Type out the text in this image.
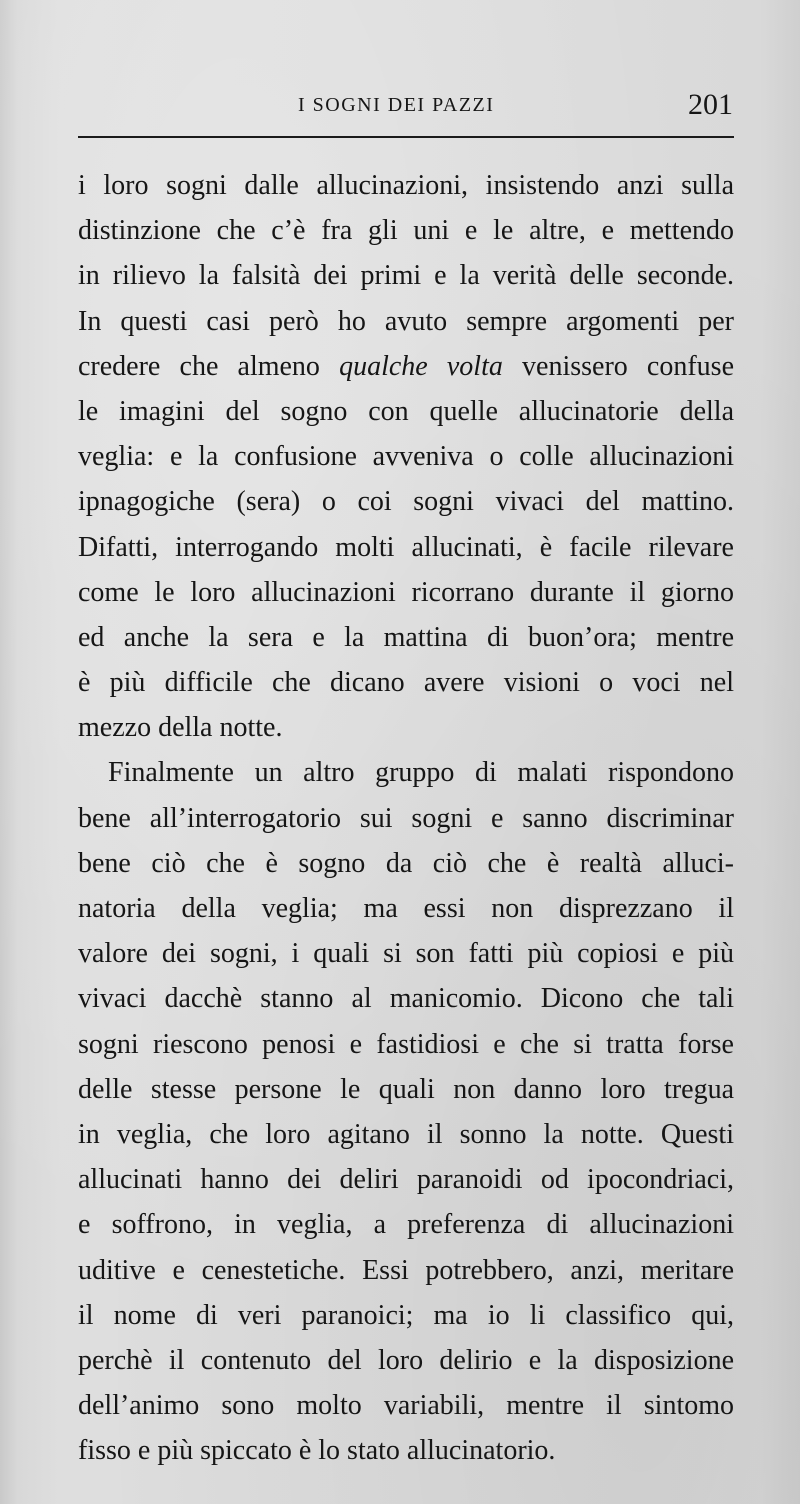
I SOGNI DEI PAZZI	201
i loro sogni dalle allucinazioni, insistendo anzi sulla
distinzione che c’è fra gli uni e le altre, e mettendo
in rilievo la falsità dei primi e la verità delle seconde.
In questi casi però ho avuto sempre argomenti per
credere che almeno qualche volta venissero confuse
le imagini del sogno con quelle allucinatorie della
veglia: e la confusione avveniva o colle allucinazioni
ipnagogiche (sera) o coi sogni vivaci del mattino.
Difatti, interrogando molti allucinati, è facile rilevare
come le loro allucinazioni ricorrano durante il giorno
ed anche la sera e la mattina di buon’ora; mentre
è più difficile che dicano avere visioni o voci nel
mezzo della notte.
Finalmente un altro gruppo di malati rispondono
bene all’interrogatorio sui sogni e sanno discriminar
bene ciò che è sogno da ciò che è realtà alluci-
natoria della veglia; ma essi non disprezzano il
valore dei sogni, i quali si son fatti più copiosi e più
vivaci dacchè stanno al manicomio. Dicono che tali
sogni riescono penosi e fastidiosi e che si tratta forse
delle stesse persone le quali non danno loro tregua
in veglia, che loro agitano il sonno la notte. Questi
allucinati hanno dei deliri paranoidi od ipocondriaci,
e soffrono, in veglia, a preferenza di allucinazioni
uditive e cenestetiche. Essi potrebbero, anzi, meritare
il nome di veri paranoici; ma io li classifico qui,
perchè il contenuto del loro delirio e la disposizione
dell’animo sono molto variabili, mentre il sintomo
fisso e più spiccato è lo stato allucinatorio.
